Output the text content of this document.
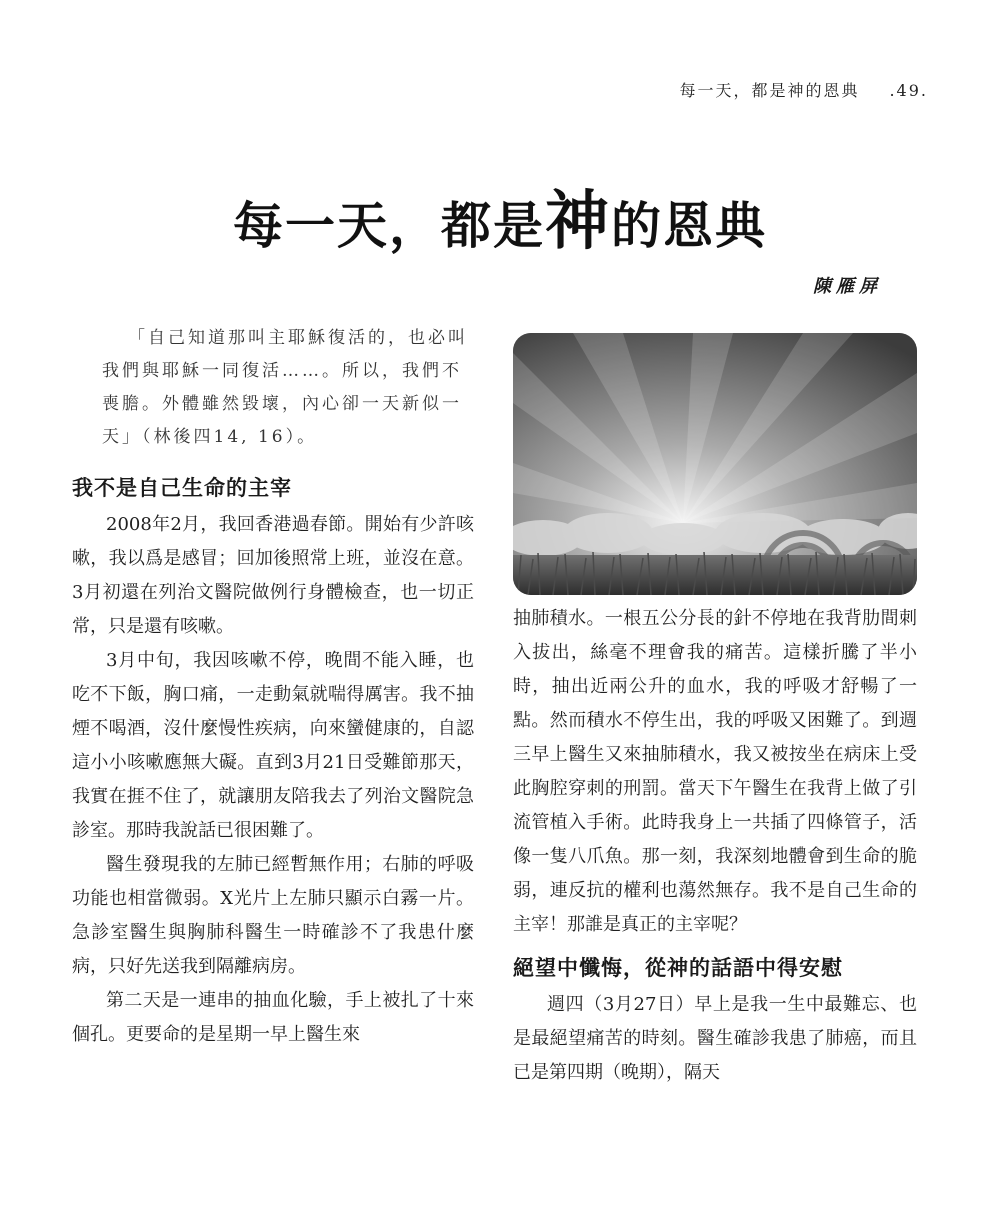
每一天，都是神的恩典 .49.
每一天，都是神的恩典
陳雁屏

「自己知道那叫主耶穌復活的，也必叫我們與耶穌一同復活……。所以，我們不喪膽。外體雖然毀壞，內心卻一天新似一天」（林後四14, 16）。

我不是自己生命的主宰

2008年2月，我回香港過春節。開始有少許咳嗽，我以爲是感冒；回加後照常上班，並沒在意。3月初還在列治文醫院做例行身體檢查，也一切正常，只是還有咳嗽。

3月中旬，我因咳嗽不停，晚間不能入睡，也吃不下飯，胸口痛，一走動氣就喘得厲害。我不抽煙不喝酒，沒什麼慢性疾病，向來蠻健康的，自認這小小咳嗽應無大礙。直到3月21日受難節那天，我實在捱不住了，就讓朋友陪我去了列治文醫院急診室。那時我說話已很困難了。

醫生發現我的左肺已經暫無作用；右肺的呼吸功能也相當微弱。X光片上左肺只顯示白霧一片。急診室醫生與胸肺科醫生一時確診不了我患什麼病，只好先送我到隔離病房。

第二天是一連串的抽血化驗，手上被扎了十來個孔。更要命的是星期一早上醫生來

抽肺積水。一根五公分長的針不停地在我背肋間刺入拔出，絲毫不理會我的痛苦。這樣折騰了半小時，抽出近兩公升的血水，我的呼吸才舒暢了一點。然而積水不停生出，我的呼吸又困難了。到週三早上醫生又來抽肺積水，我又被按坐在病床上受此胸腔穿刺的刑罰。當天下午醫生在我背上做了引流管植入手術。此時我身上一共插了四條管子，活像一隻八爪魚。那一刻，我深刻地體會到生命的脆弱，連反抗的權利也蕩然無存。我不是自己生命的主宰！那誰是真正的主宰呢？

絕望中懺悔，從神的話語中得安慰

週四（3月27日）早上是我一生中最難忘、也是最絕望痛苦的時刻。醫生確診我患了肺癌，而且已是第四期（晚期），隔天
